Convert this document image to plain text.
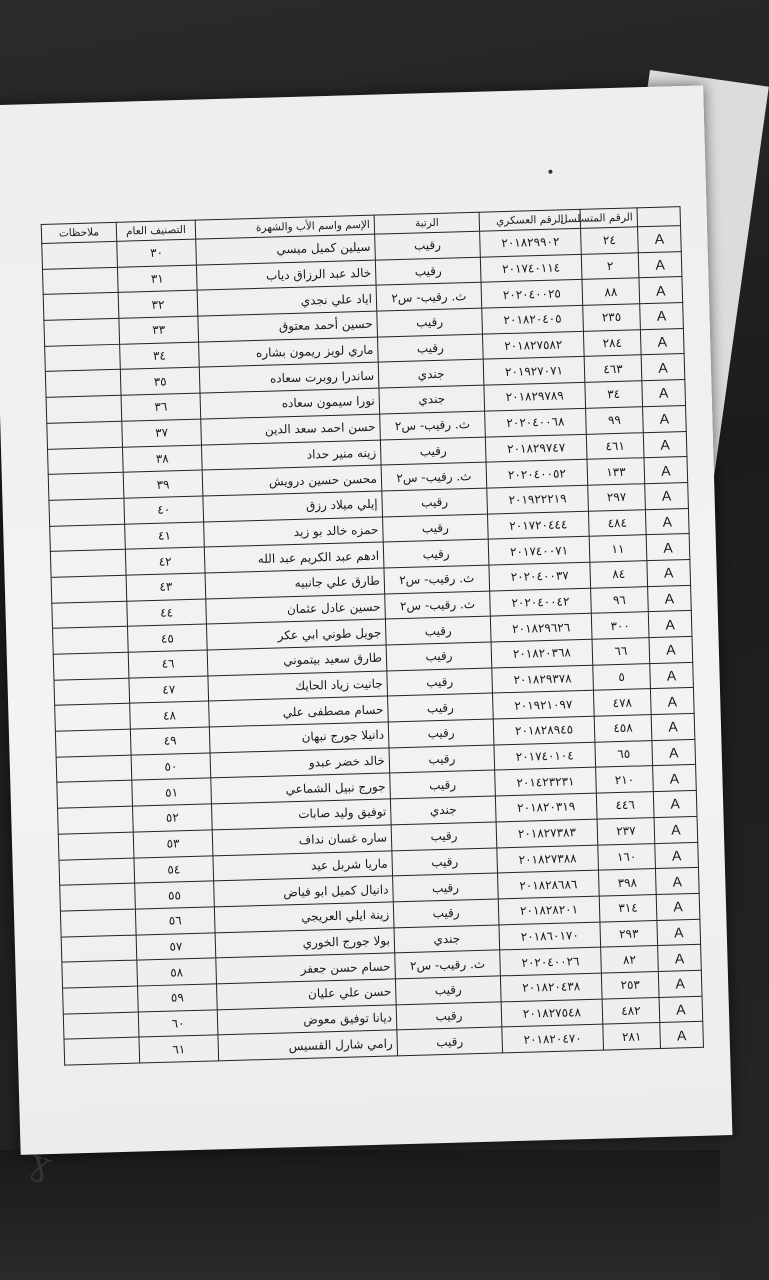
	الرقم المتسلسل	الرقم العسكري	الرتبة	الإسم واسم الأب والشهرة	التصنيف العام	ملاحظات
A	٢٤	٢٠١٨٢٩٩٠٢	رقيب	سيلين كميل ميسي	٣٠	
A	٢	٢٠١٧٤٠١١٤	رقيب	خالد عبد الرزاق دياب	٣١	
A	٨٨	٢٠٢٠٤٠٠٢٥	ث. رقيب- س٢	اياد علي نجدي	٣٢	
A	٢٣٥	٢٠١٨٢٠٤٠٥	رقيب	حسين أحمد معتوق	٣٣	
A	٢٨٤	٢٠١٨٢٧٥٨٢	رقيب	ماري لويز ريمون بشاره	٣٤	
A	٤٦٣	٢٠١٩٢٧٠٧١	جندي	ساندرا روبرت سعاده	٣٥	
A	٣٤	٢٠١٨٢٩٧٨٩	جندي	نورا سيمون سعاده	٣٦	
A	٩٩	٢٠٢٠٤٠٠٦٨	ث. رقيب- س٢	حسن احمد سعد الدين	٣٧	
A	٤٦١	٢٠١٨٢٩٧٤٧	رقيب	زينه منير حداد	٣٨	
A	١٣٣	٢٠٢٠٤٠٠٥٢	ث. رقيب- س٢	محسن حسين درويش	٣٩	
A	٢٩٧	٢٠١٩٢٢٢١٩	رقيب	إيلي ميلاد رزق	٤٠	
A	٤٨٤	٢٠١٧٢٠٤٤٤	رقيب	حمزه خالد بو زيد	٤١	
A	١١	٢٠١٧٤٠٠٧١	رقيب	ادهم عبد الكريم عبد الله	٤٢	
A	٨٤	٢٠٢٠٤٠٠٣٧	ث. رقيب- س٢	طارق علي جانبيه	٤٣	
A	٩٦	٢٠٢٠٤٠٠٤٢	ث. رقيب- س٢	حسين عادل عثمان	٤٤	
A	٣٠٠	٢٠١٨٢٩٦٢٦	رقيب	جويل طوني ابي عكر	٤٥	
A	٦٦	٢٠١٨٢٠٣٦٨	رقيب	طارق سعيد بيتموني	٤٦	
A	٥	٢٠١٨٢٩٣٧٨	رقيب	جانيت زياد الحايك	٤٧	
A	٤٧٨	٢٠١٩٢١٠٩٧	رقيب	حسام مصطفى علي	٤٨	
A	٤٥٨	٢٠١٨٢٨٩٤٥	رقيب	دانيلا جورج نبهان	٤٩	
A	٦٥	٢٠١٧٤٠١٠٤	رقيب	خالد خضر عبدو	٥٠	
A	٢١٠	٢٠١٤٢٣٢٣١	رقيب	جورج نبيل الشماعي	٥١	
A	٤٤٦	٢٠١٨٢٠٣١٩	جندي	توفيق وليد صابات	٥٢	
A	٢٣٧	٢٠١٨٢٧٣٨٣	رقيب	ساره غسان نداف	٥٣	
A	١٦٠	٢٠١٨٢٧٣٨٨	رقيب	ماريا شربل عيد	٥٤	
A	٣٩٨	٢٠١٨٢٨٦٨٦	رقيب	دانيال كميل ابو فياض	٥٥	
A	٣١٤	٢٠١٨٢٨٢٠١	رقيب	زينة ايلي العريجي	٥٦	
A	٢٩٣	٢٠١٨٦٠١٧٠	جندي	بولا جورج الخوري	٥٧	
A	٨٢	٢٠٢٠٤٠٠٢٦	ث. رقيب- س٢	حسام حسن جعفر	٥٨	
A	٢٥٣	٢٠١٨٢٠٤٣٨	رقيب	حسن علي علیان	٥٩	
A	٤٨٢	٢٠١٨٢٧٥٤٨	رقيب	ديانا توفيق معوض	٦٠	
A	٢٨١	٢٠١٨٢٠٤٧٠	رقيب	رامي شارل القسيس	٦١	
ɣ
